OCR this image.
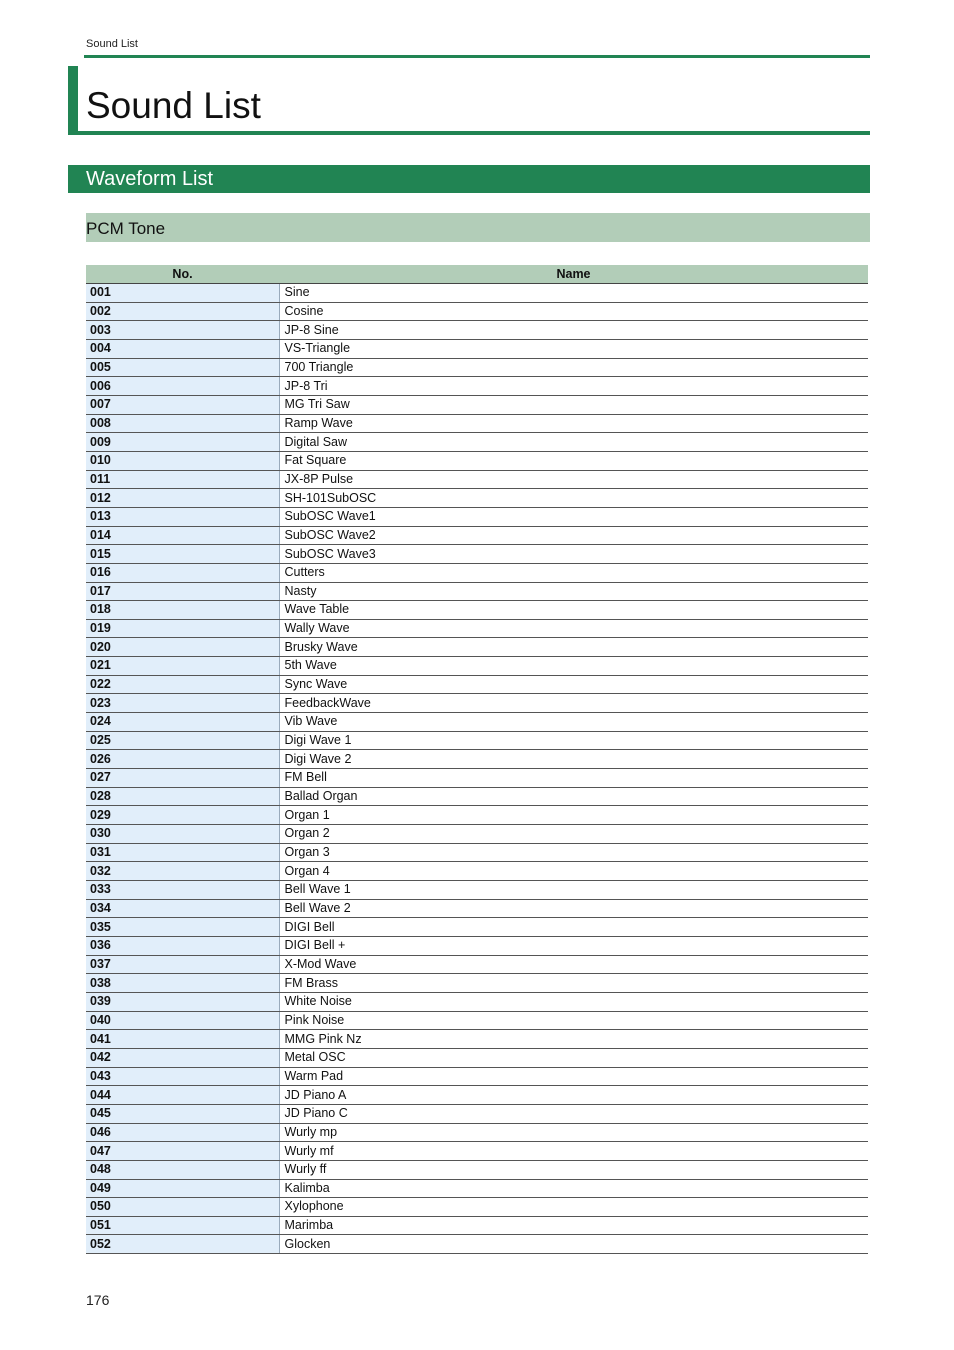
Sound List
Sound List
Waveform List
PCM Tone
No.	Name
001	Sine
002	Cosine
003	JP-8 Sine
004	VS-Triangle
005	700 Triangle
006	JP-8 Tri
007	MG Tri Saw
008	Ramp Wave
009	Digital Saw
010	Fat Square
011	JX-8P Pulse
012	SH-101SubOSC
013	SubOSC Wave1
014	SubOSC Wave2
015	SubOSC Wave3
016	Cutters
017	Nasty
018	Wave Table
019	Wally Wave
020	Brusky Wave
021	5th Wave
022	Sync Wave
023	FeedbackWave
024	Vib Wave
025	Digi Wave 1
026	Digi Wave 2
027	FM Bell
028	Ballad Organ
029	Organ 1
030	Organ 2
031	Organ 3
032	Organ 4
033	Bell Wave 1
034	Bell Wave 2
035	DIGI Bell
036	DIGI Bell +
037	X-Mod Wave
038	FM Brass
039	White Noise
040	Pink Noise
041	MMG Pink Nz
042	Metal OSC
043	Warm Pad
044	JD Piano A
045	JD Piano C
046	Wurly mp
047	Wurly mf
048	Wurly ff
049	Kalimba
050	Xylophone
051	Marimba
052	Glocken
176
